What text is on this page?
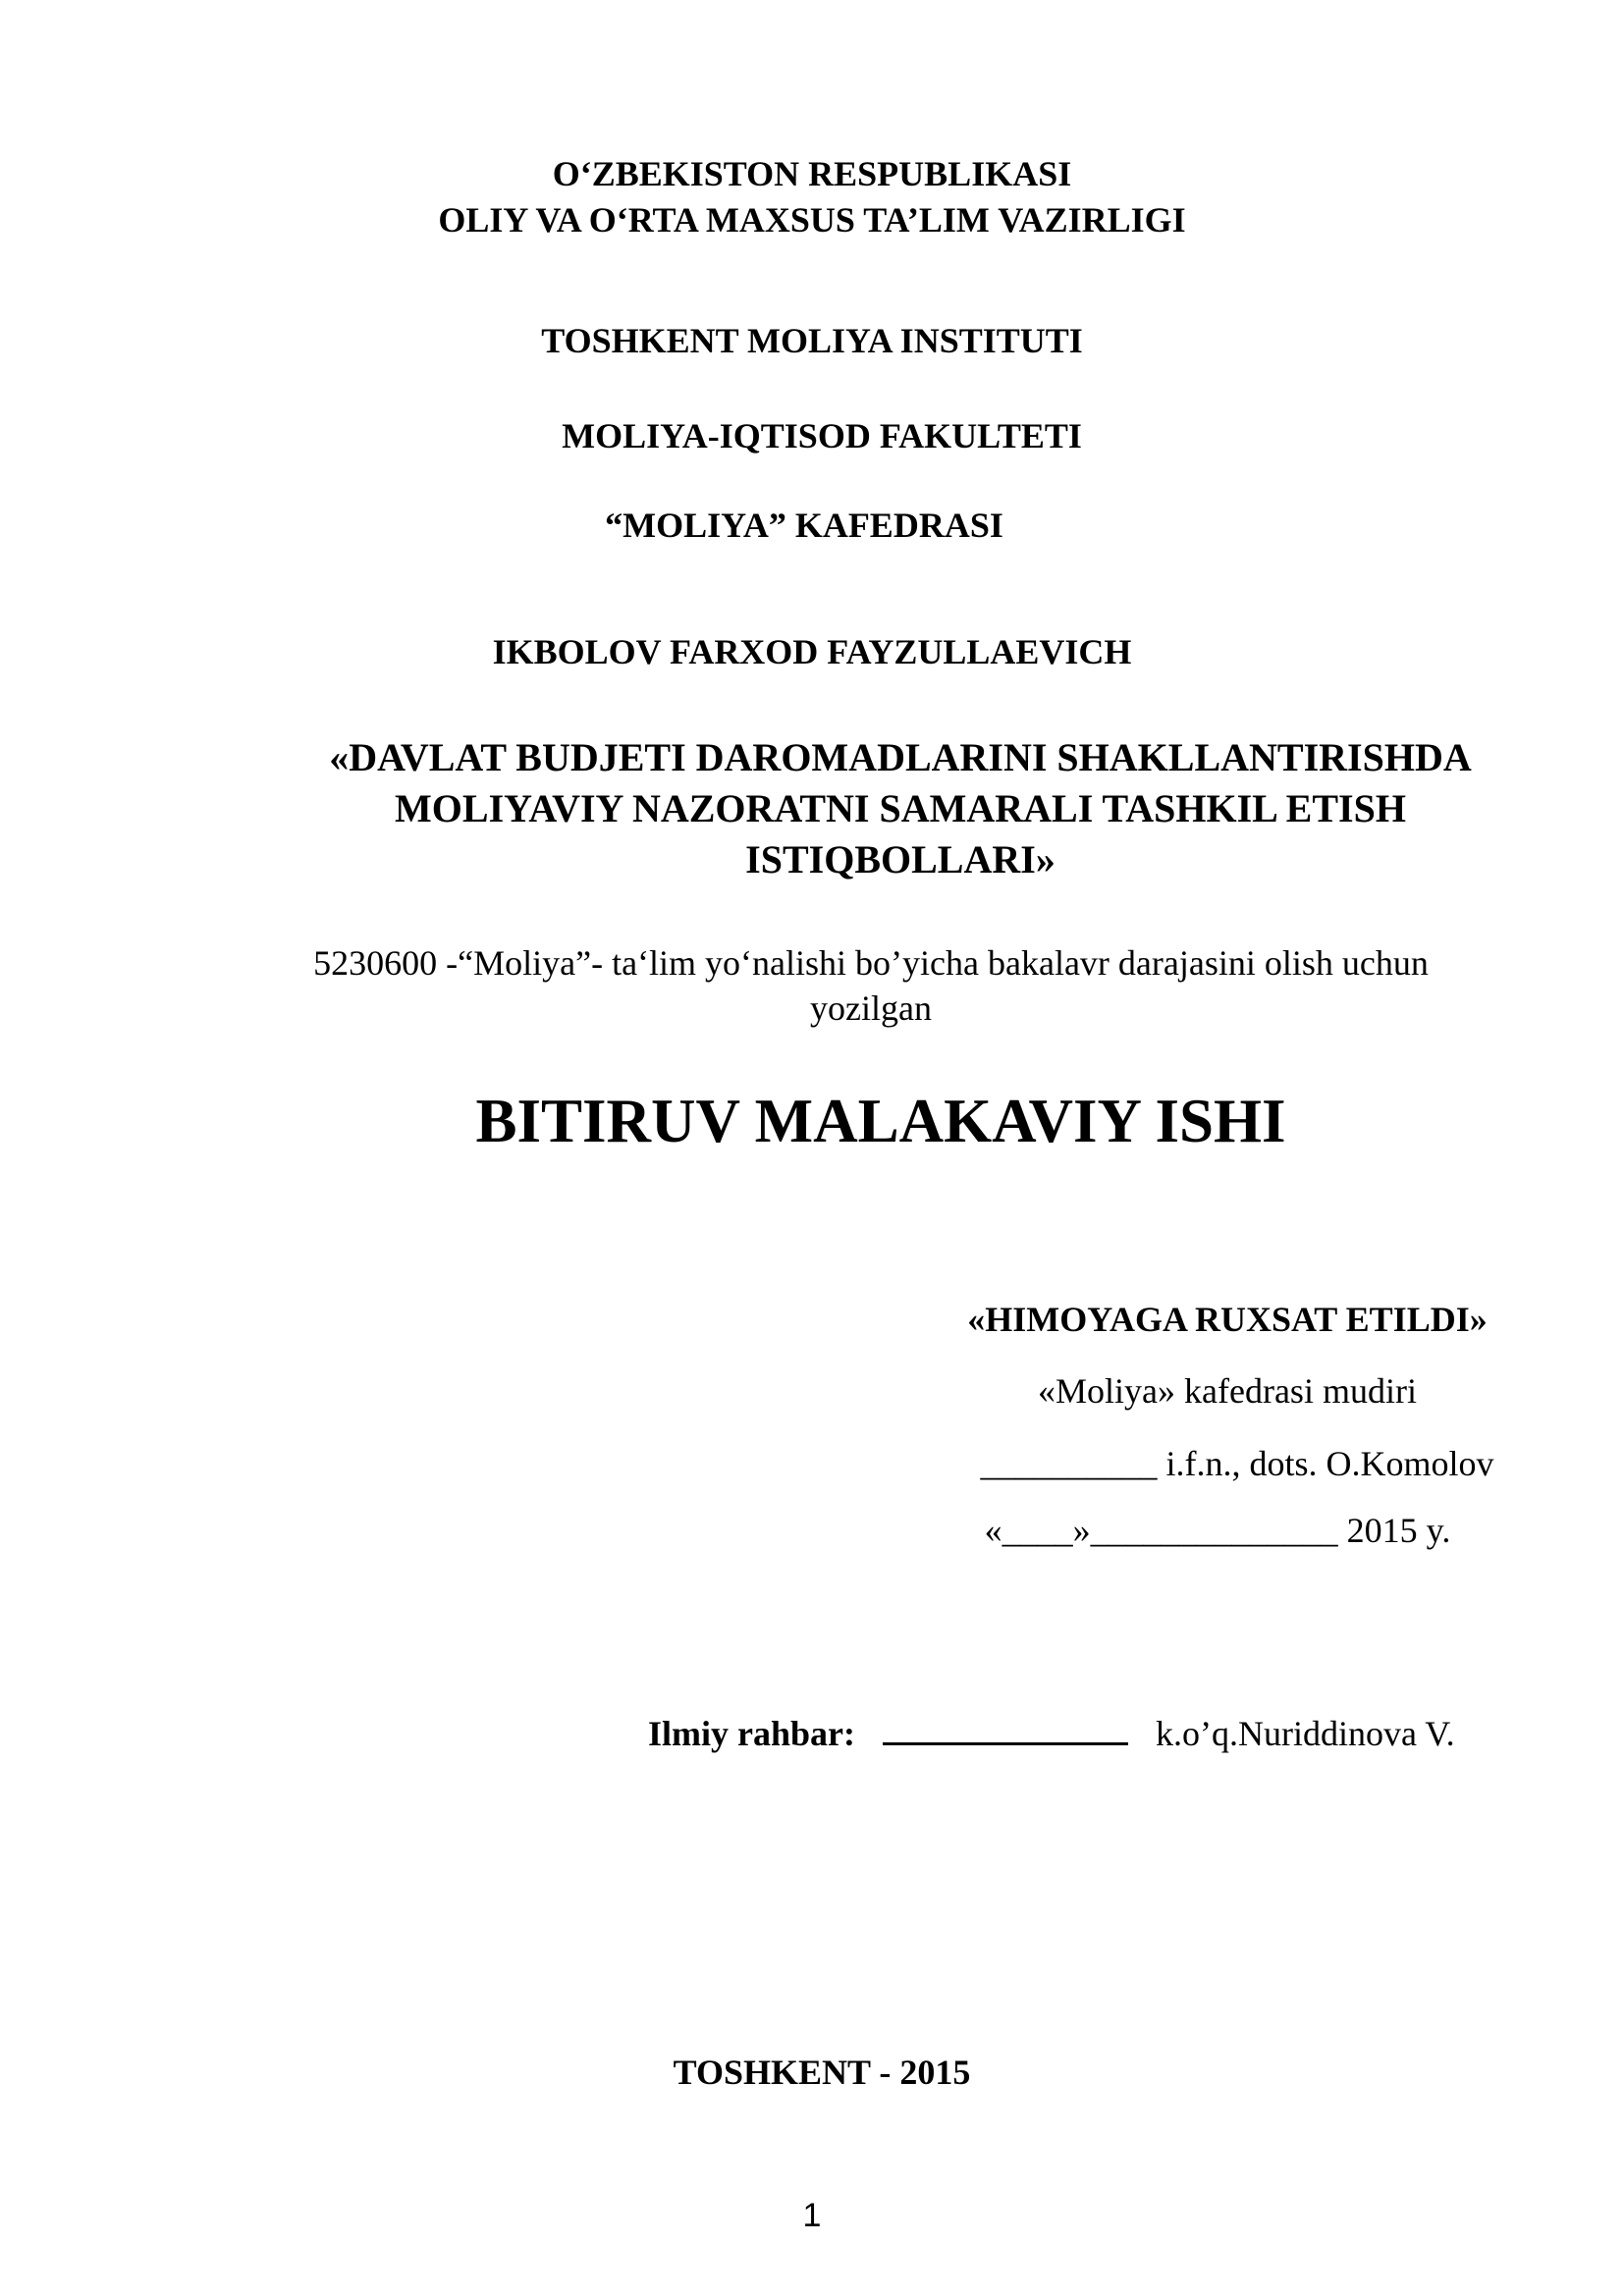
O‘ZBEKISTON RESPUBLIKASI
OLIY VA O‘RTA MAXSUS TA’LIM VAZIRLIGI
TOSHKENT MOLIYA INSTITUTI
MOLIYA-IQTISOD FAKULTETI
“MOLIYA” KAFEDRASI
IKBOLOV FARXOD FAYZULLAEVICH
«DAVLAT BUDJETI DAROMADLARINI SHAKLLANTIRISHDA
MOLIYAVIY NAZORATNI SAMARALI TASHKIL ETISH
ISTIQBOLLARI»
5230600 -“Moliya”- ta‘lim yo‘nalishi bo’yicha bakalavr darajasini olish uchun
yozilgan
BITIRUV MALAKAVIY ISHI
«HIMOYAGA RUXSAT ETILDI»
«Moliya» kafedrasi mudiri
__________ i.f.n., dots. O.Komolov
«____»______________ 2015 y.
Ilmiy rahbar:	k.o’q.Nuriddinova V.
TOSHKENT - 2015
1
